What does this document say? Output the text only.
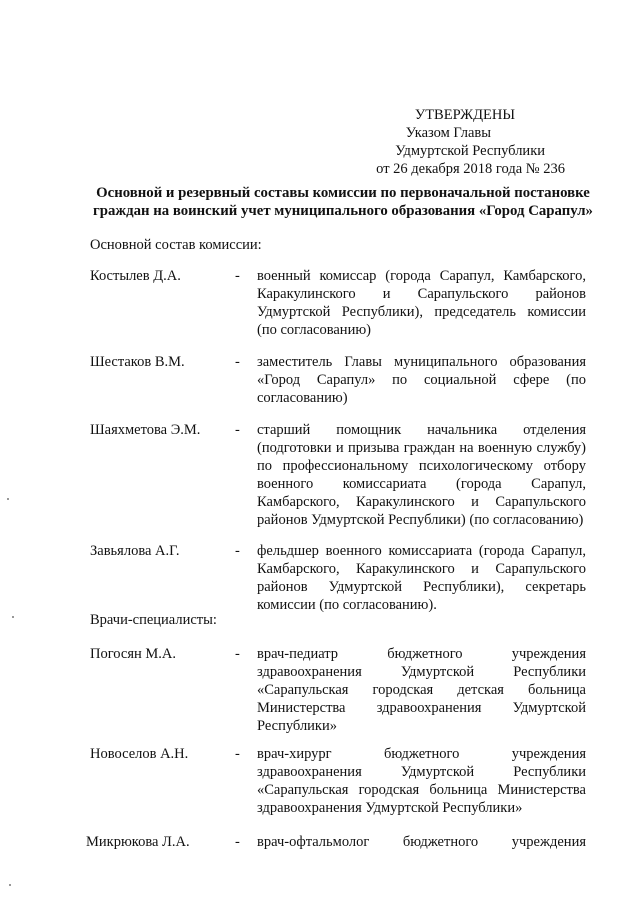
УТВЕРЖДЕНЫ
Указом Главы
Удмуртской Республики
от 26 декабря 2018 года № 236
Основной и резервный составы комиссии по первоначальной постановке граждан на воинский учет муниципального образования «Город Сарапул»
Основной состав комиссии:
Костылев Д.А.	- военный комиссар (города Сарапул, Камбарского, Каракулинского и Сарапульского районов Удмуртской Республики), председатель комиссии (по согласованию)
Шестаков В.М.	- заместитель Главы муниципального образования «Город Сарапул» по социальной сфере (по согласованию)
Шаяхметова Э.М. - старший помощник начальника отделения (подготовки и призыва граждан на военную службу) по профессиональному психологическому отбору военного комиссариата (города Сарапул, Камбарского, Каракулинского и Сарапульского районов Удмуртской Республики) (по согласованию)
Завьялова А.Г.	- фельдшер военного комиссариата (города Сарапул, Камбарского, Каракулинского и Сарапульского районов Удмуртской Республики), секретарь комиссии (по согласованию).
Врачи-специалисты:
Погосян М.А.	- врач-педиатр бюджетного учреждения здравоохранения Удмуртской Республики «Сарапульская городская детская больница Министерства здравоохранения Удмуртской Республики»
Новоселов А.Н.	- врач-хирург бюджетного учреждения здравоохранения Удмуртской Республики «Сарапульская городская больница Министерства здравоохранения Удмуртской Республики»
Микрюкова Л.А.	- врач-офтальмолог бюджетного учреждения
